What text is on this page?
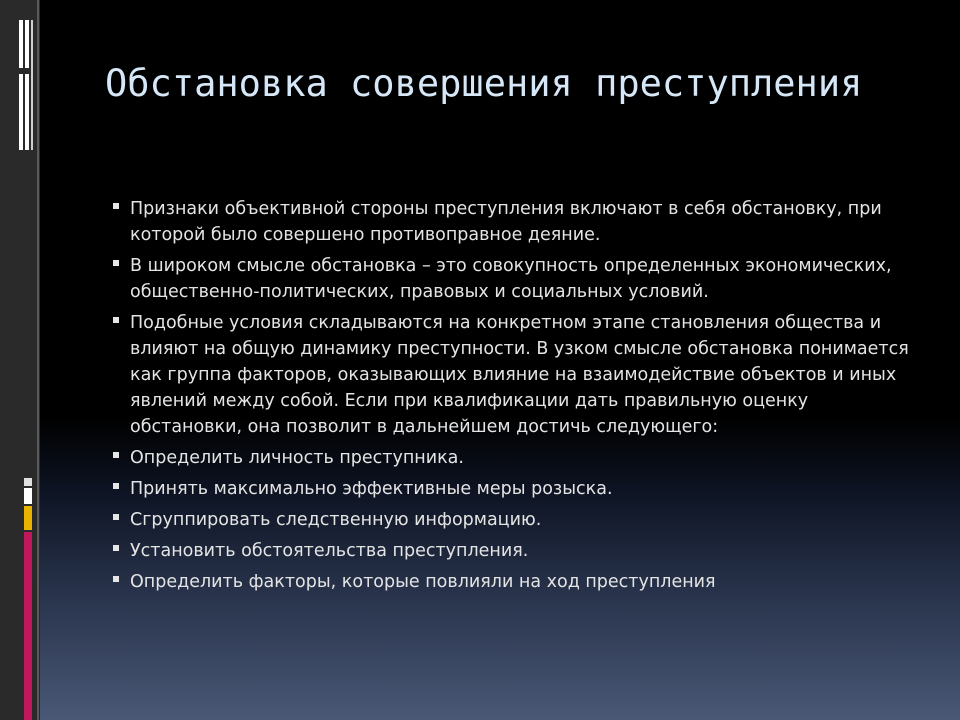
Обстановка совершения преступления
Признаки объективной стороны преступления включают в себя обстановку, при которой было совершено противоправное деяние.
В широком смысле обстановка – это совокупность определенных экономических, общественно-политических, правовых и социальных условий.
Подобные условия складываются на конкретном этапе становления общества и влияют на общую динамику преступности. В узком смысле обстановка понимается как группа факторов, оказывающих влияние на взаимодействие объектов и иных явлений между собой. Если при квалификации дать правильную оценку обстановки, она позволит в дальнейшем достичь следующего:
Определить личность преступника.
Принять максимально эффективные меры розыска.
Сгруппировать следственную информацию.
Установить обстоятельства преступления.
Определить факторы, которые повлияли на ход преступления
